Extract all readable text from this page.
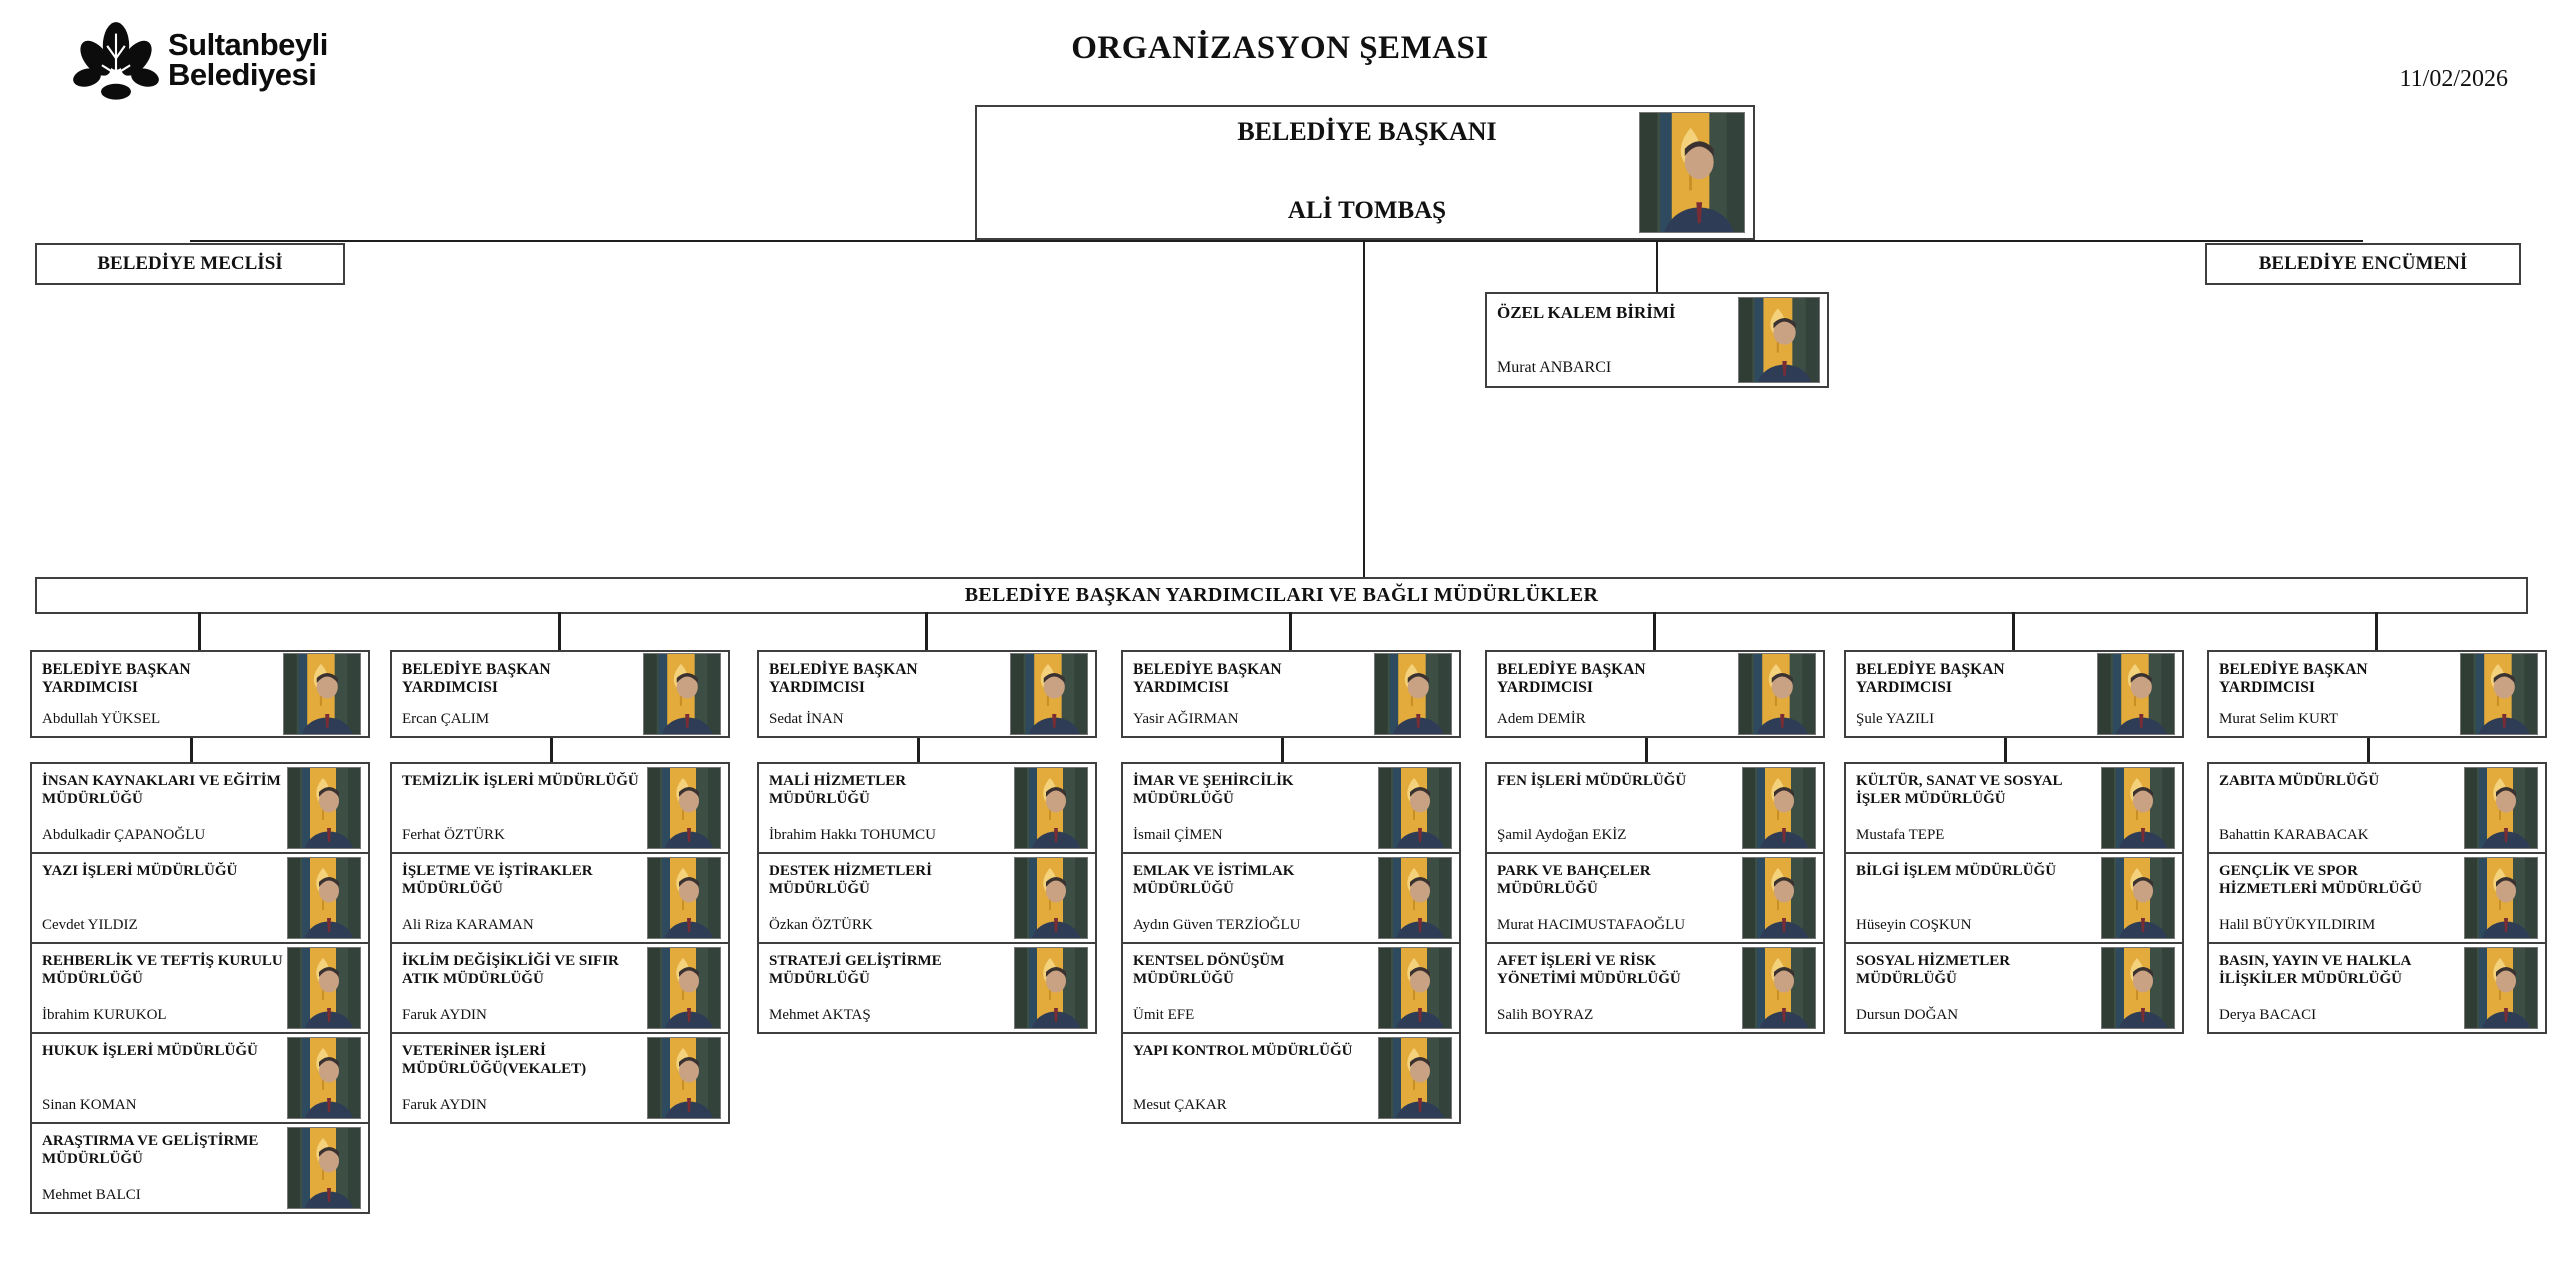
Sultanbeyli
Belediyesi
ORGANİZASYON ŞEMASI
11/02/2026
BELEDİYE BAŞKANI
ALİ TOMBAŞ
BELEDİYE MECLİSİ	BELEDİYE ENCÜMENİ
ÖZEL KALEM BİRİMİ
Murat ANBARCI
BELEDİYE BAŞKAN YARDIMCILARI VE BAĞLI MÜDÜRLÜKLER
BELEDİYE BAŞKAN YARDIMCISI
Abdullah YÜKSEL
İNSAN KAYNAKLARI VE EĞİTİM MÜDÜRLÜĞÜ
Abdulkadir ÇAPANOĞLU
YAZI İŞLERİ MÜDÜRLÜĞÜ
Cevdet YILDIZ
REHBERLİK VE TEFTİŞ KURULU MÜDÜRLÜĞÜ
İbrahim KURUKOL
HUKUK İŞLERİ MÜDÜRLÜĞÜ
Sinan KOMAN
ARAŞTIRMA VE GELİŞTİRME MÜDÜRLÜĞÜ
Mehmet BALCI
BELEDİYE BAŞKAN YARDIMCISI
Ercan ÇALIM
TEMİZLİK İŞLERİ MÜDÜRLÜĞÜ
Ferhat ÖZTÜRK
İŞLETME VE İŞTİRAKLER MÜDÜRLÜĞÜ
Ali Riza KARAMAN
İKLİM DEĞİŞİKLİĞİ VE SIFIR ATIK MÜDÜRLÜĞÜ
Faruk AYDIN
VETERİNER İŞLERİ MÜDÜRLÜĞÜ(VEKALET)
Faruk AYDIN
BELEDİYE BAŞKAN YARDIMCISI
Sedat İNAN
MALİ HİZMETLER MÜDÜRLÜĞÜ
İbrahim Hakkı TOHUMCU
DESTEK HİZMETLERİ MÜDÜRLÜĞÜ
Özkan ÖZTÜRK
STRATEJİ GELİŞTİRME MÜDÜRLÜĞÜ
Mehmet AKTAŞ
BELEDİYE BAŞKAN YARDIMCISI
Yasir AĞIRMAN
İMAR VE ŞEHİRCİLİK MÜDÜRLÜĞÜ
İsmail ÇİMEN
EMLAK VE İSTİMLAK MÜDÜRLÜĞÜ
Aydın Güven TERZİOĞLU
KENTSEL DÖNÜŞÜM MÜDÜRLÜĞÜ
Ümit EFE
YAPI KONTROL MÜDÜRLÜĞÜ
Mesut ÇAKAR
BELEDİYE BAŞKAN YARDIMCISI
Adem DEMİR
FEN İŞLERİ MÜDÜRLÜĞÜ
Şamil Aydoğan EKİZ
PARK VE BAHÇELER MÜDÜRLÜĞÜ
Murat HACIMUSTAFAOĞLU
AFET İŞLERİ VE RİSK YÖNETİMİ MÜDÜRLÜĞÜ
Salih BOYRAZ
BELEDİYE BAŞKAN YARDIMCISI
Şule YAZILI
KÜLTÜR, SANAT VE SOSYAL İŞLER MÜDÜRLÜĞÜ
Mustafa TEPE
BİLGİ İŞLEM MÜDÜRLÜĞÜ
Hüseyin COŞKUN
SOSYAL HİZMETLER MÜDÜRLÜĞÜ
Dursun DOĞAN
BELEDİYE BAŞKAN YARDIMCISI
Murat Selim KURT
ZABITA MÜDÜRLÜĞÜ
Bahattin KARABACAK
GENÇLİK VE SPOR HİZMETLERİ MÜDÜRLÜĞÜ
Halil BÜYÜKYILDIRIM
BASIN, YAYIN VE HALKLA İLİŞKİLER MÜDÜRLÜĞÜ
Derya BACACI
